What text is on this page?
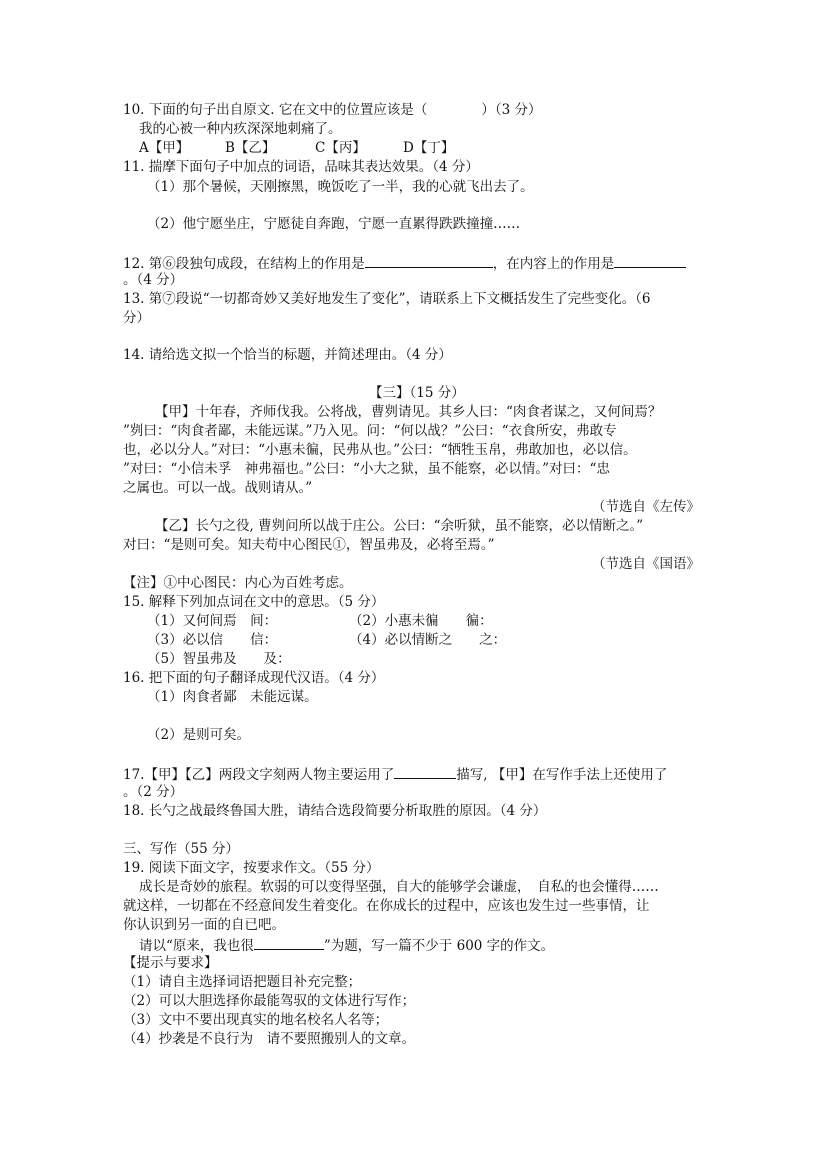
10. 下面的句子出自原文. 它在文中的位置应该是（　　　　）（3 分）
我的心被一种内疚深深地刺痛了。
A【甲】	B【乙】	C【丙】	D【丁】
11. 揣摩下面句子中加点的词语，品味其表达效果。（4 分）
（1）那个暑候，天刚擦黑，晚饭吃了一半，我的心就飞出去了。
（2）他宁愿坐庄，宁愿徒自奔跑，宁愿一直累得跌跌撞撞……
12. 第⑥段独句成段，在结构上的作用是	，在内容上的作用是
。（4 分）
13. 第⑦段说“一切都奇妙又美好地发生了变化”，请联系上下文概括发生了完些变化。（6
分）
14. 请给选文拟一个恰当的标题，并简述理由。（4 分）
【三】（15 分）
【甲】十年春，齐师伐我。公将战，曹刿请见。其乡人曰：“肉食者谋之，又何间焉？
”刿曰：“肉食者鄙，未能远谋。”乃入见。问：“何以战？”公曰：“衣食所安，弗敢专
也，必以分人。”对曰：“小惠未徧，民弗从也。”公曰：“牺牲玉帛，弗敢加也，必以信。
”对曰：“小信未孚　神弗福也。”公曰：“小大之狱，虽不能察，必以情。”对曰：“忠
之属也。可以一战。战则请从。”
（节选自《左传》
【乙】长勺之役, 曹刿问所以战于庄公。公曰：“余听狱，虽不能察，必以情断之。”
对曰：“是则可矣。知夫苟中心图民①，智虽弗及，必将至焉。”
（节选自《国语》
【注】①中心图民：内心为百姓考虑。
15. 解释下列加点词在文中的意思。（5 分）
（1）又何间焉　间：	（2）小惠未徧　　徧：
（3）必以信　　信：	（4）必以情断之　　之：
（5）智虽弗及　　及：
16. 把下面的句子翻译成现代汉语。（4 分）
（1）肉食者鄙　未能远谋。
（2）是则可矣。
17.【甲】【乙】两段文字刻两人物主要运用了	描写, 【甲】在写作手法上还使用了
。（2 分）
18. 长勺之战最终鲁国大胜，请结合选段简要分析取胜的原因。（4 分）
三、写作（55 分）
19. 阅读下面文字，按要求作文。（55 分）
成长是奇妙的旅程。软弱的可以变得坚强，自大的能够学会谦虚，　自私的也会懂得……
就这样，一切都在不经意间发生着变化。在你成长的过程中，应该也发生过一些事情，让
你认识到另一面的自已吧。
请以“原来，我也很	”为题，写一篇不少于 600 字的作文。
【提示与要求】
（1）请自主选择词语把题目补充完整；
（2）可以大胆选择你最能驾驭的文体进行写作；
（3）文中不要出现真实的地名校名人名等；
（4）抄袭是不良行为　请不要照搬别人的文章。
